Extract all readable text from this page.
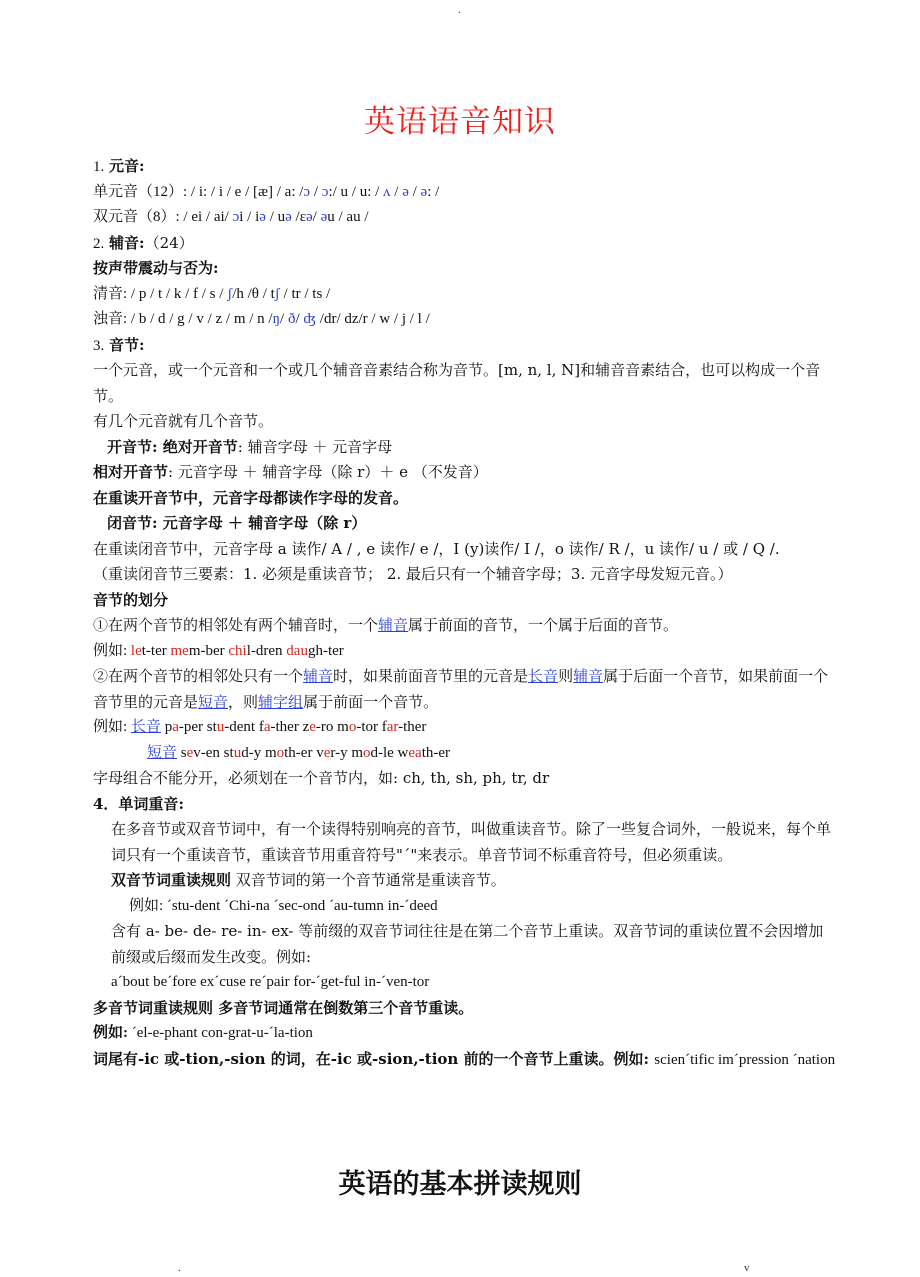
.
英语语音知识
1. 元音:
单元音（12）: / i: / i / e / [æ] / a: /ɔ / ɔ:/ u / u: / ʌ / ə / ə: /
双元音（8）: / ei / ai/ ɔi / iə / uə /ɛə/ əu / au /
2. 辅音:（24）
按声带震动与否为:
清音: / p / t / k / f / s / ʃ/h /θ / tʃ / tr / ts /
浊音: / b / d / g / v / z / m / n /ŋ/ ð/ ʤ /dr/ dz/r / w / j / l /
3. 音节:
一个元音，或一个元音和一个或几个辅音音素结合称为音节。[m, n, l, N]和辅音音素结合，也可以构成一个音节。
有几个元音就有几个音节。
开音节: 绝对开音节: 辅音字母 ＋ 元音字母
相对开音节: 元音字母 ＋ 辅音字母（除 r）＋ e （不发音）
在重读开音节中，元音字母都读作字母的发音。
闭音节: 元音字母 ＋ 辅音字母（除 r）
在重读闭音节中，元音字母 a 读作/ A / , e 读作/ e /，I (y)读作/ I /，o 读作/ R /，u 读作/ u / 或 / Q /.
（重读闭音节三要素：1. 必须是重读音节； 2. 最后只有一个辅音字母；3. 元音字母发短元音。）
音节的划分
①在两个音节的相邻处有两个辅音时，一个辅音属于前面的音节，一个属于后面的音节。
例如: let-ter mem-ber chil-dren daugh-ter
②在两个音节的相邻处只有一个辅音时，如果前面音节里的元音是长音则辅音属于后面一个音节，如果前面一个音节里的元音是短音，则辅字组属于前面一个音节。
例如: 长音 pa-per stu-dent fa-ther ze-ro mo-tor far-ther
短音 sev-en stud-y moth-er ver-y mod-le weath-er
字母组合不能分开，必须划在一个音节内，如: ch, th, sh, ph, tr, dr
4．单词重音:
在多音节或双音节词中，有一个读得特别响亮的音节，叫做重读音节。除了一些复合词外，一般说来，每个单词只有一个重读音节，重读音节用重音符号"ˊ"来表示。单音节词不标重音符号，但必须重读。
双音节词重读规则 双音节词的第一个音节通常是重读音节。
例如: ˊstu-dent ˊChi-na ˊsec-ond ˊau-tumn in-ˊdeed
含有 a- be- de- re- in- ex- 等前缀的双音节词往往是在第二个音节上重读。双音节词的重读位置不会因增加前缀或后缀而发生改变。例如:
aˊbout beˊfore exˊcuse reˊpair for-ˊget-ful in-ˊven-tor
多音节词重读规则 多音节词通常在倒数第三个音节重读。
例如: ˊel-e-phant con-grat-u-ˊla-tion
词尾有-ic 或-tion,-sion 的词，在-ic 或-sion,-tion 前的一个音节上重读。例如: scienˊtific imˊpression ˊnation
英语的基本拼读规则
.	v
